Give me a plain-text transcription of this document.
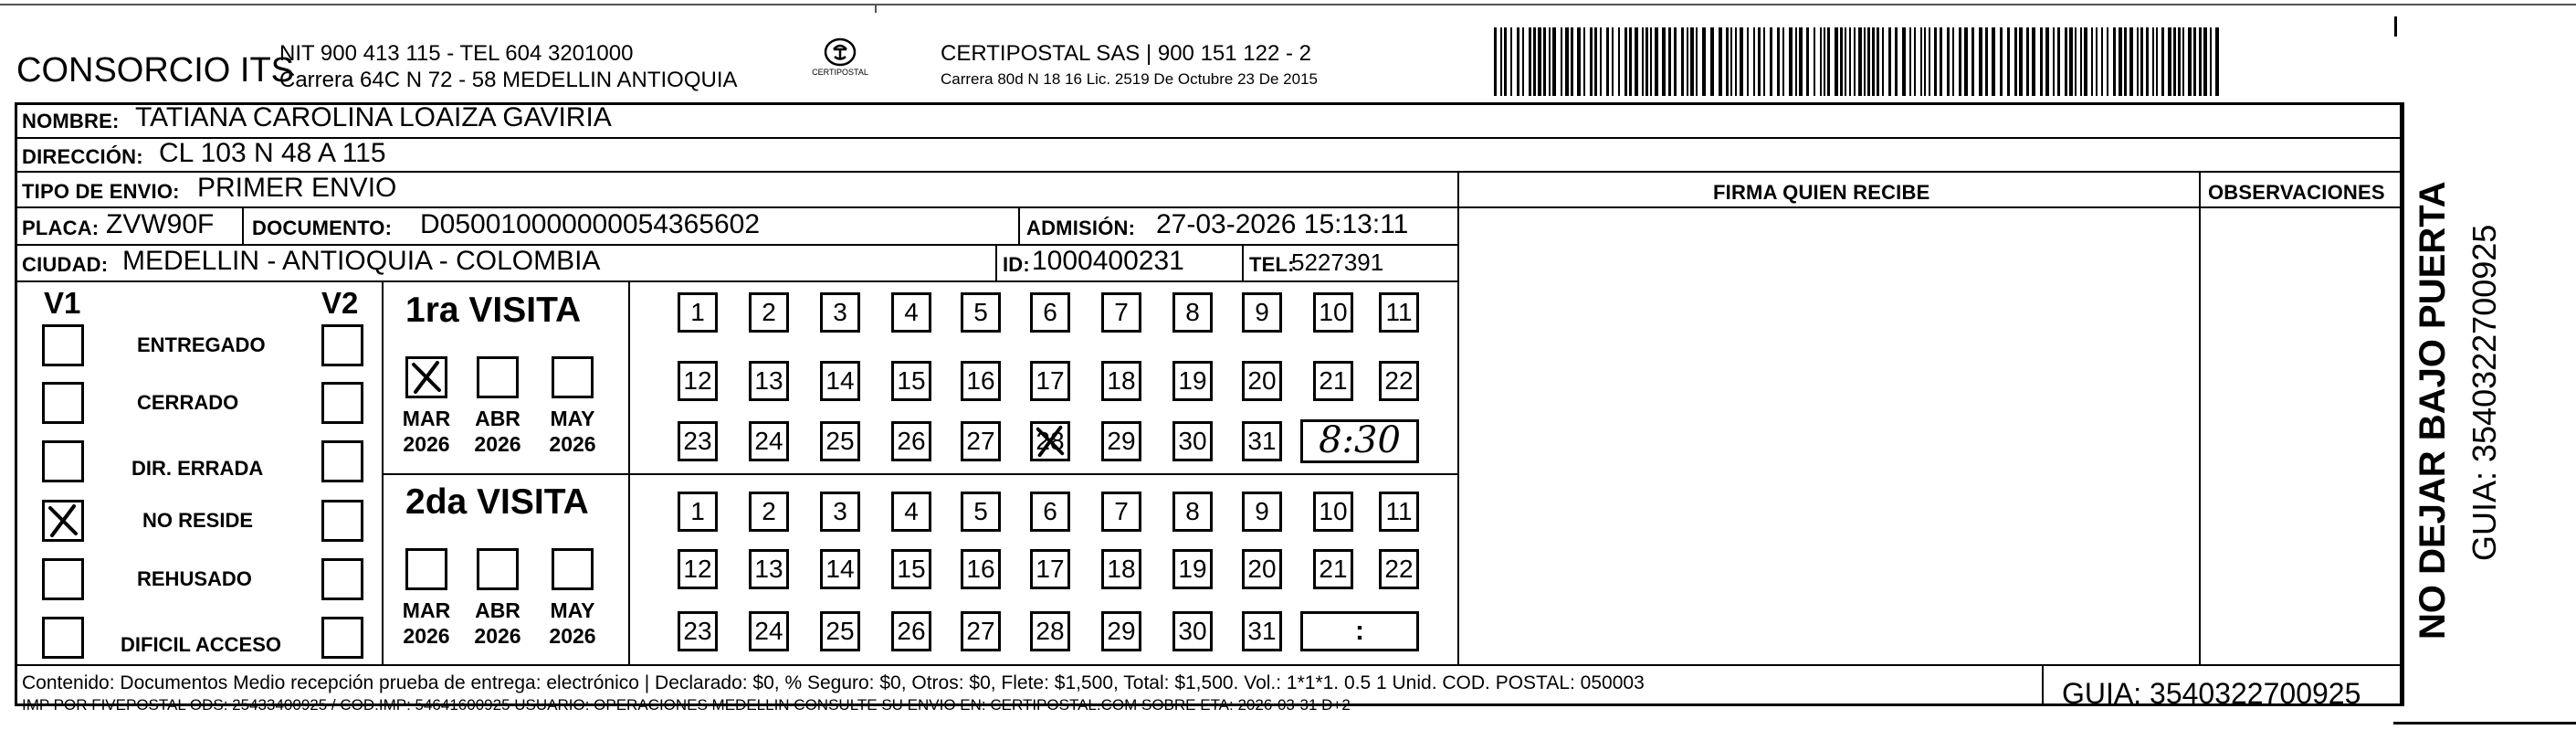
CONSORCIO ITS
NIT 900 413 115 - TEL 604 3201000
Carrera 64C N 72 - 58 MEDELLIN ANTIOQUIA	CERTIPOSTAL
CERTIPOSTAL SAS | 900 151 122 - 2
Carrera 80d N 18 16 Lic. 2519 De Octubre 23 De 2015
NOMBRE: TATIANA CAROLINA LOAIZA GAVIRIA
DIRECCIÓN: CL 103 N 48 A 115
TIPO DE ENVIO: PRIMER ENVIO	FIRMA QUIEN RECIBE	OBSERVACIONES
PLACA: ZVW90F DOCUMENTO: D050010000000054365602	ADMISIÓN: 27-03-2026 15:13:11
CIUDAD: MEDELLIN - ANTIOQUIA - COLOMBIA	ID: 1000400231	TEL:
5227391
V1	V2
ENTREGADO
CERRADO
DIR. ERRADA
NO RESIDE
REHUSADO
DIFICIL ACCESO
1ra VISITA
MAR
2026
ABR
2026
MAY
2026
1	2	3	4	5	6	7	8	9	10 11
12 13 14 15 16 17 18 19 20 21 22
23 24 25 26 27 28 29 30 31	8:30
2da VISITA
MAR
2026
ABR
2026
MAY
2026
1	2	3	4	5	6	7	8	9	10 11
12 13 14 15 16 17 18 19 20 21 22
23 24 25 26 27 28 29 30 31	:
Contenido: Documentos Medio recepción prueba de entrega: electrónico | Declarado: $0, % Seguro: $0, Otros: $0, Flete: $1,500, Total: $1,500. Vol.: 1*1*1. 0.5 1 Unid. COD. POSTAL: 050003
IMP POR FIVEPOSTAL ODS: 25433400925 / COD.IMP: 54641600925 USUARIO: OPERACIONES MEDELLIN CONSULTE SU ENVIO EN: CERTIPOSTAL.COM SOBRE ETA: 2026-03-31 D+2	GUIA: 3540322700925
NO DEJAR BAJO PUERTA GUIA: 3540322700925
